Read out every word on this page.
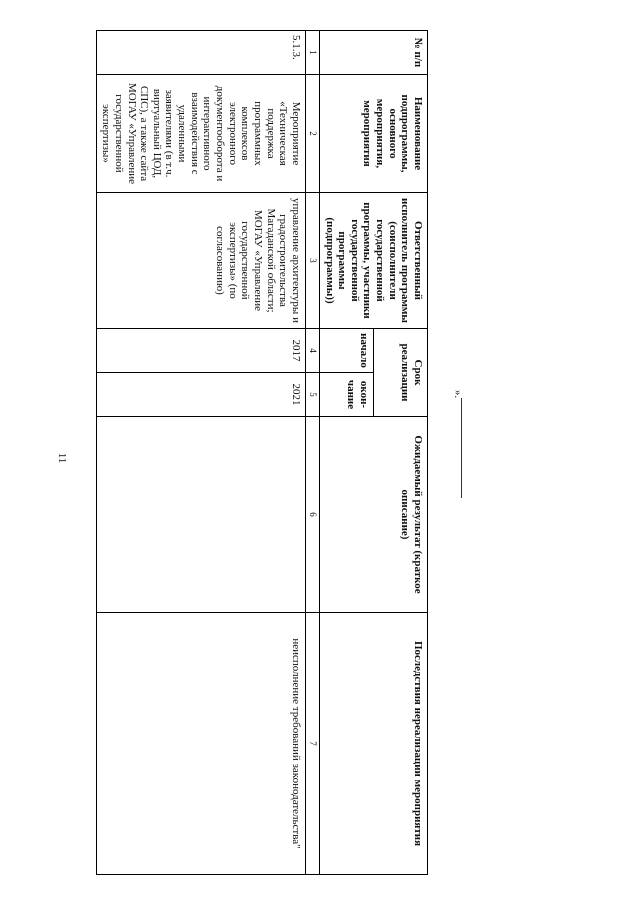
11
№ п/п	Наименование подпрограммы, основного мероприятия, мероприятия	Ответственный исполнитель программы (соисполнители государственной программы, участники государственной программы (подпрограммы))	Срок реализации		Ожидаемый результат (краткое описание)	Последствия нереализации мероприятия
			начало	окон-чание		
1	2	3	4	5	6	7
5.1.3.	Мероприятие «Техническая поддержка программных комплексов электронного документооборота и интерактивного взаимодействия с удаленными заявителями (в т.ч. виртуальный ЦОД, СПС), а также сайта МОГАУ «Управление государственной экспертизы»	управление архитектуры и градостроительства Магаданской области; МОГАУ «Управление государственной экспертизы» (по согласованию)	2017	2021		неисполнение требований законодательства"
».
